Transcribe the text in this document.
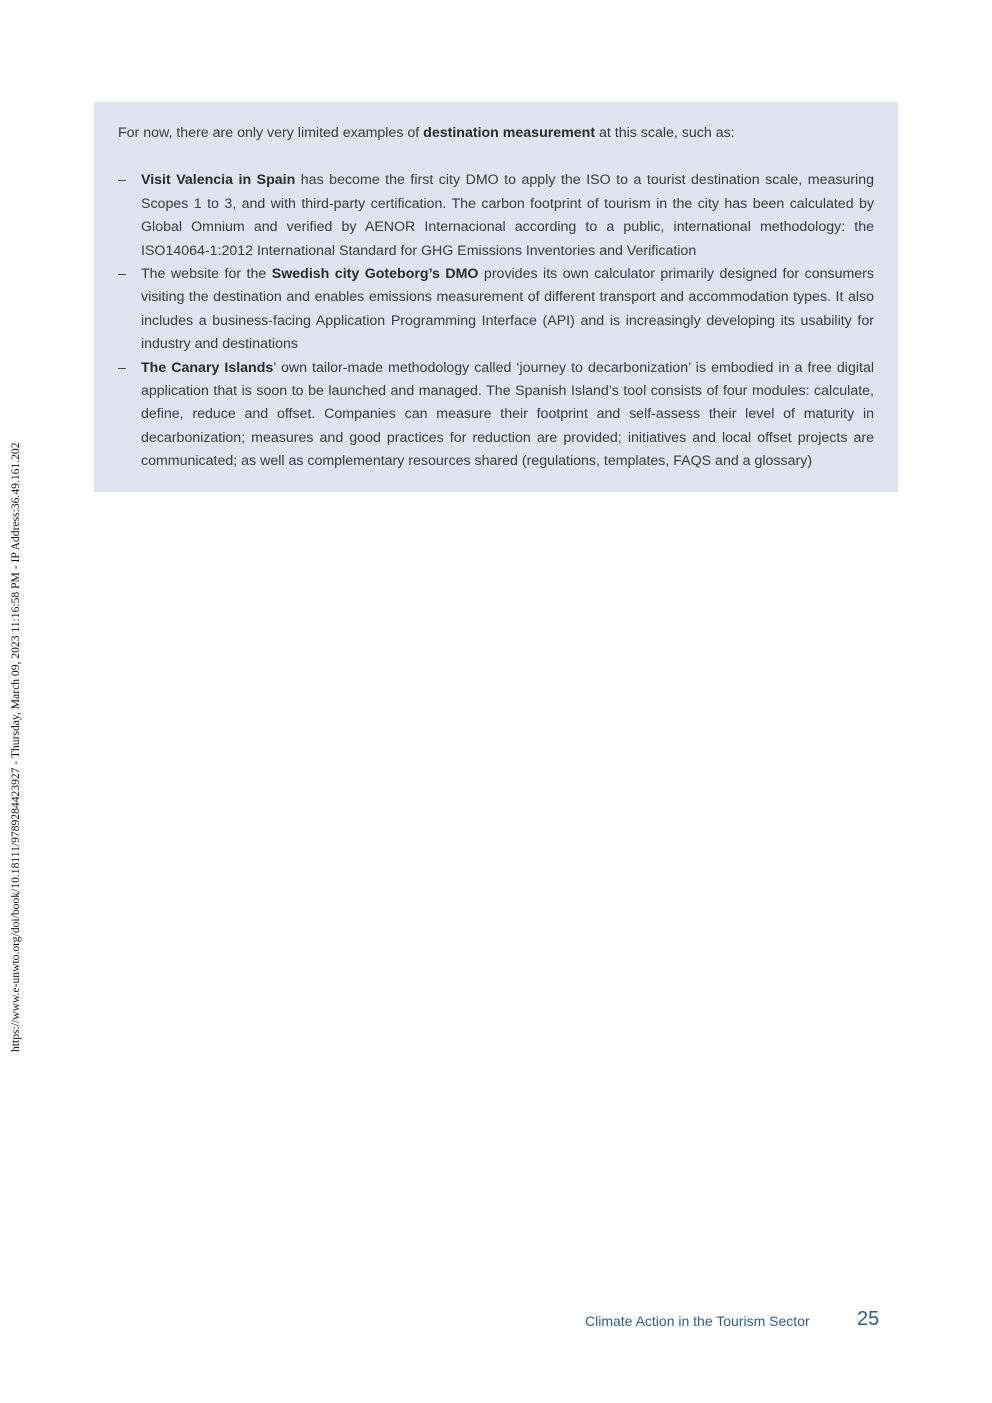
https://www.e-unwto.org/doi/book/10.18111/9789284423927 - Thursday, March 09, 2023 11:16:58 PM - IP Address:36.49.161.202

For now, there are only very limited examples of destination measurement at this scale, such as:

– Visit Valencia in Spain has become the first city DMO to apply the ISO to a tourist destination scale, measuring Scopes 1 to 3, and with third-party certification. The carbon footprint of tourism in the city has been calculated by Global Omnium and verified by AENOR Internacional according to a public, international methodology: the ISO14064-1:2012 International Standard for GHG Emissions Inventories and Verification
– The website for the Swedish city Goteborg’s DMO provides its own calculator primarily designed for consumers visiting the destination and enables emissions measurement of different transport and accommodation types. It also includes a business-facing Application Programming Interface (API) and is increasingly developing its usability for industry and destinations
– The Canary Islands’ own tailor-made methodology called ‘journey to decarbonization’ is embodied in a free digital application that is soon to be launched and managed. The Spanish Island’s tool consists of four modules: calculate, define, reduce and offset. Companies can measure their footprint and self-assess their level of maturity in decarbonization; measures and good practices for reduction are provided; initiatives and local offset projects are communicated; as well as complementary resources shared (regulations, templates, FAQS and a glossary)
Climate Action in the Tourism Sector 25
